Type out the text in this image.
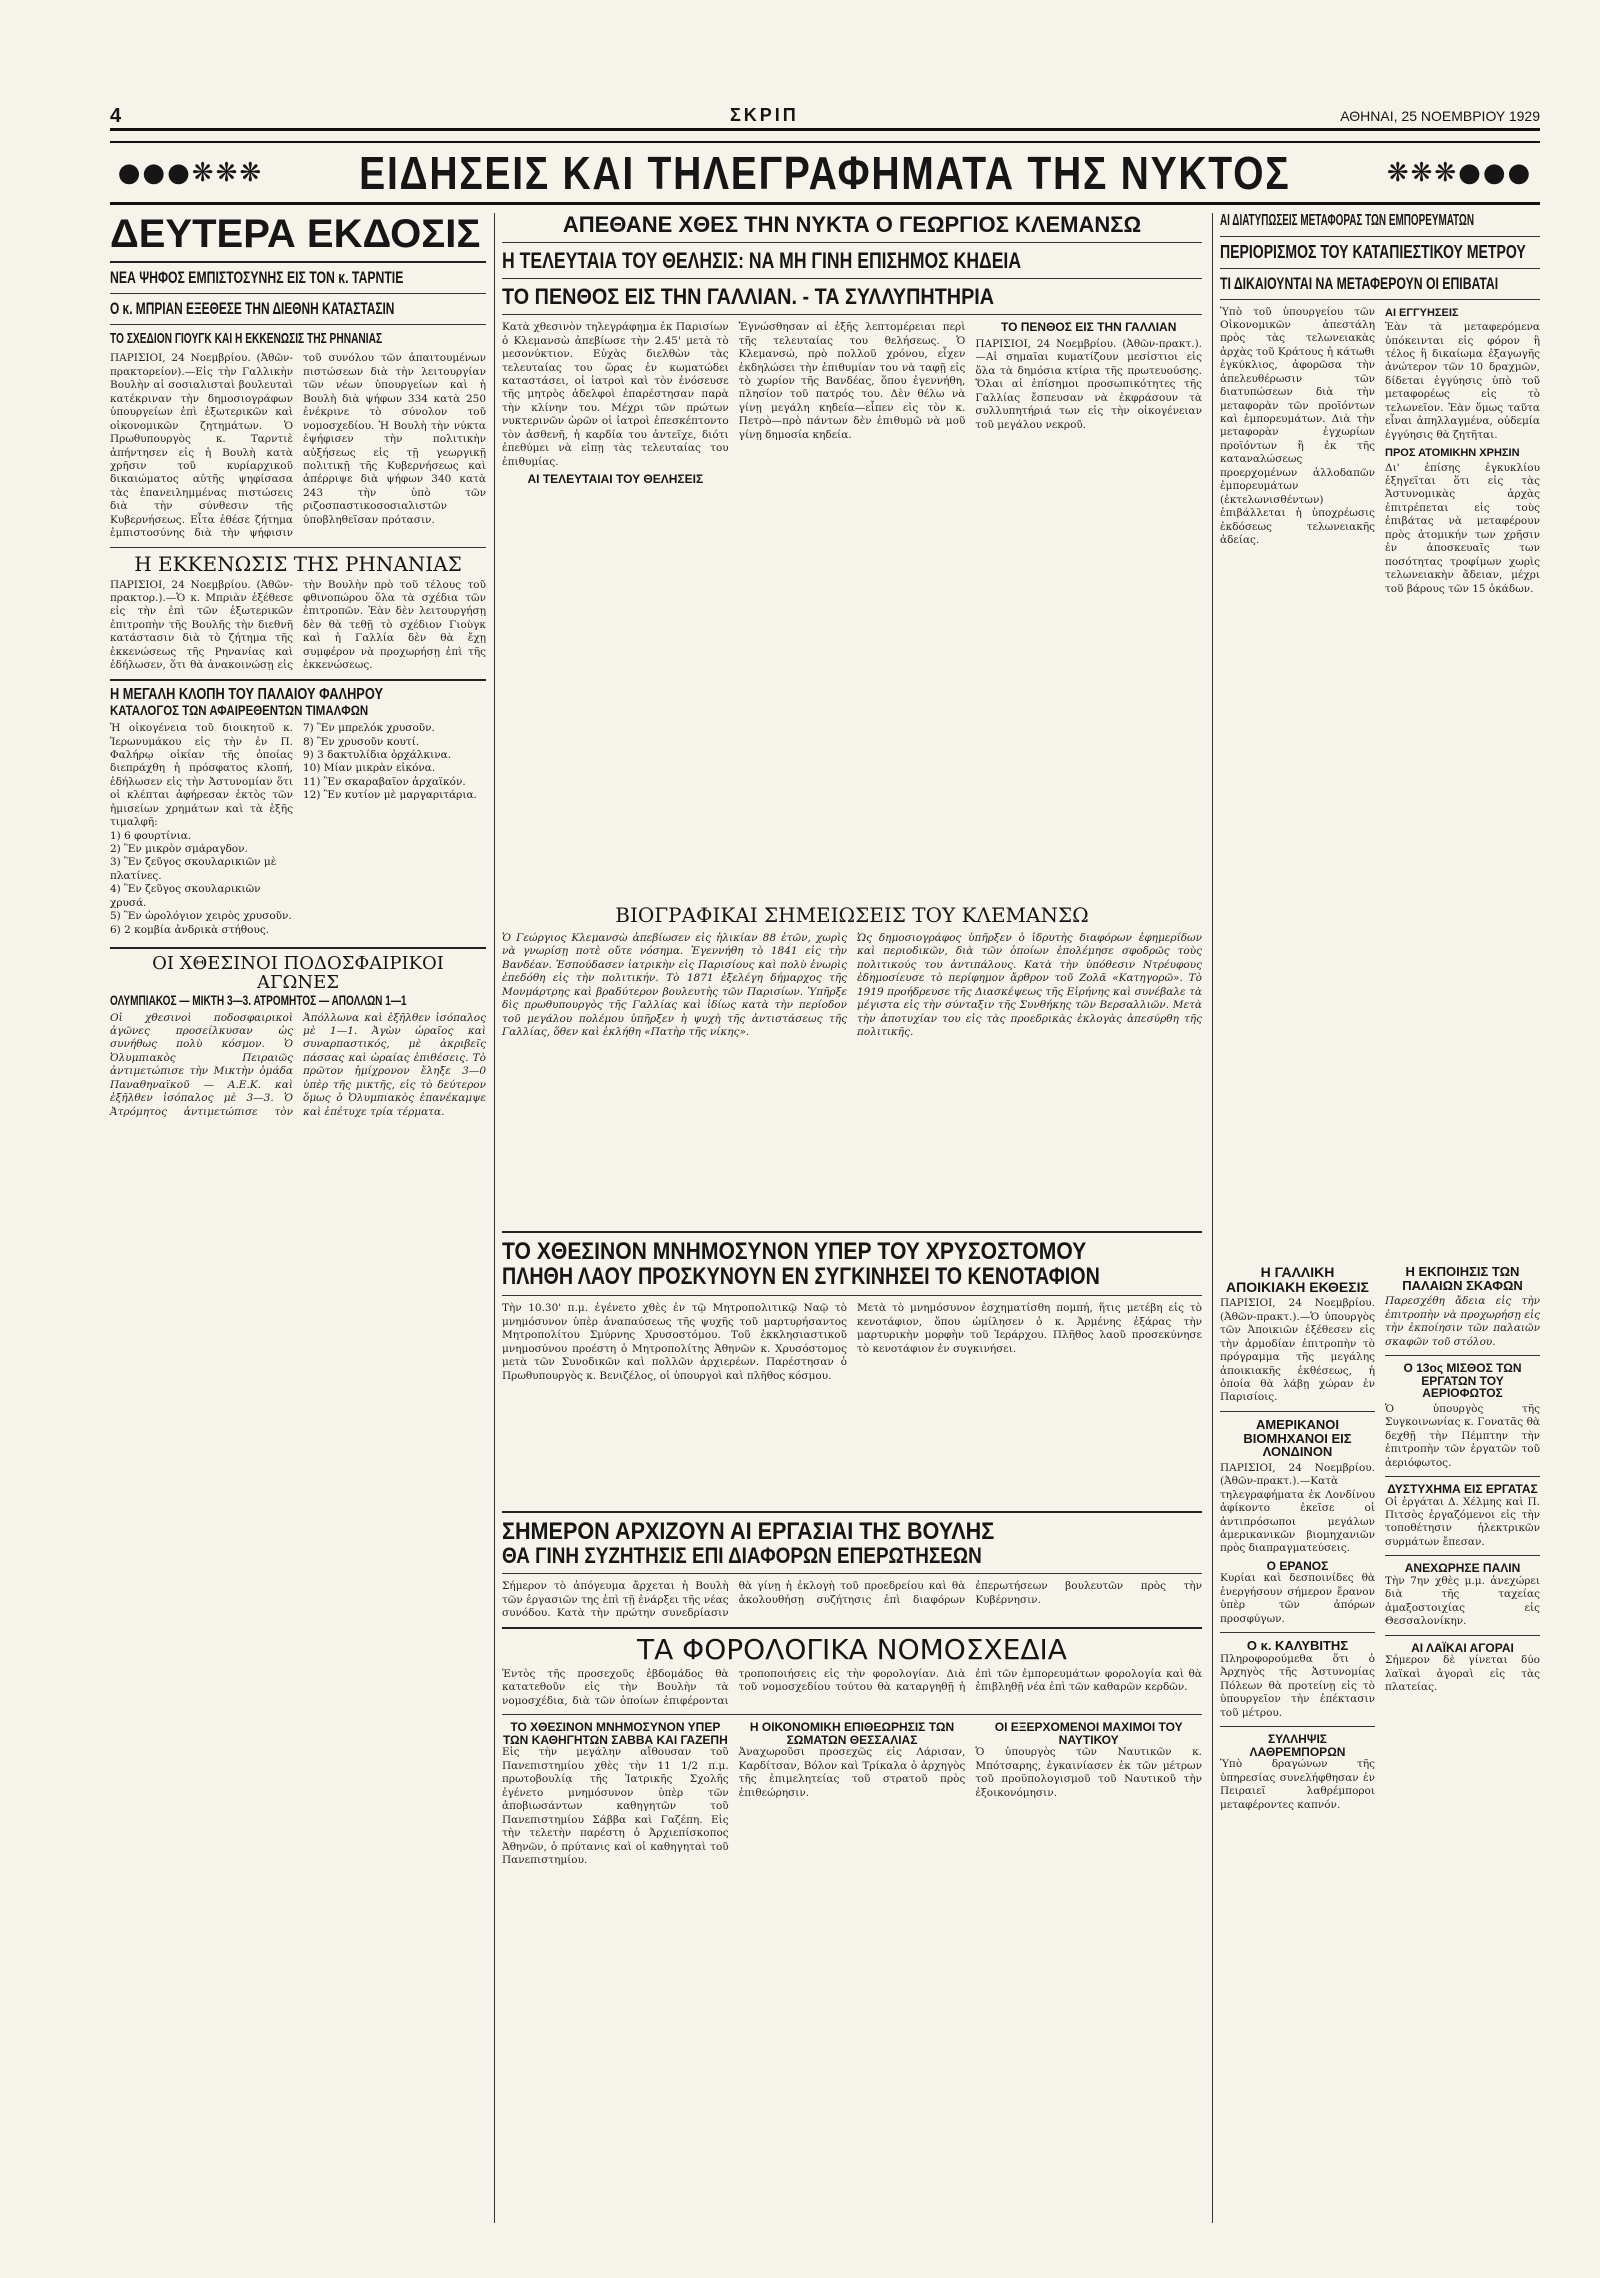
4	ΣΚΡΙΠ	ΑΘΗΝΑΙ, 25 ΝΟΕΜΒΡΙΟΥ 1929
●●●❋❋❋ ΕΙΔΗΣΕΙΣ ΚΑΙ ΤΗΛΕΓΡΑΦΗΜΑΤΑ ΤΗΣ ΝΥΚΤΟΣ	❋❋❋●●●
ΔΕΥΤΕΡΑ ΕΚΔΟΣΙΣ
ΝΕΑ ΨΗΦΟΣ ΕΜΠΙΣΤΟΣΥΝΗΣ ΕΙΣ ΤΟΝ κ. ΤΑΡΝΤΙΕ
Ο κ. ΜΠΡΙΑΝ ΕΞΕΘΕΣΕ ΤΗΝ ΔΙΕΘΝΗ ΚΑΤΑΣΤΑΣΙΝ
ΤΟ ΣΧΕΔΙΟΝ ΓΙΟΥΓΚ ΚΑΙ Η ΕΚΚΕΝΩΣΙΣ ΤΗΣ ΡΗΝΑΝΙΑΣ
ΠΑΡΙΣΙΟΙ, 24 Νοεμβρίου. (Ἀθῶν-πρακτορείον).—Εἰς τὴν Γαλλικὴν Βουλὴν αἱ σοσιαλισταὶ βουλευταὶ κατέκριναν τὴν δημοσιογράφων ὑπουργείων ἐπὶ ἐξωτερικῶν καὶ οἰκονομικῶν ζητημάτων. Ὁ Πρωθυπουργὸς κ. Ταρντιὲ ἀπήντησεν εἰς ἡ Βουλὴ κατὰ χρῆσιν τοῦ κυρίαρχικοῦ δικαιώματος αὐτῆς ψηφίσασα τὰς ἐπανειλημμένας πιστώσεις διὰ τὴν σύνθεσιν τῆς Κυβερνήσεως. Εἶτα ἐθέσε ζήτημα ἐμπιστοσύνης διὰ τὴν ψήφισιν τοῦ συνόλου τῶν ἀπαιτουμένων πιστώσεων διὰ τὴν λειτουργίαν τῶν νέων ὑπουργείων καὶ ἡ Βουλὴ διὰ ψήφων 334 κατὰ 250 ἐνέκρινε τὸ σύνολον τοῦ νομοσχεδίου. Ἡ Βουλὴ τὴν νύκτα ἐψήφισεν τὴν πολιτικὴν αὐξήσεως εἰς τῇ γεωργικῇ πολιτικῇ τῆς Κυβερνήσεως καὶ ἀπέρριψε διὰ ψήφων 340 κατὰ 243 τὴν ὑπὸ τῶν ριζοσπαστικοσοσιαλιστῶν ὑποβληθεῖσαν πρότασιν.
Η ΕΚΚΕΝΩΣΙΣ ΤΗΣ ΡΗΝΑΝΙΑΣ
ΠΑΡΙΣΙΟΙ, 24 Νοεμβρίου. (Ἀθῶν-πρακτορ.).—Ὁ κ. Μπριὰν ἐξέθεσε εἰς τὴν ἐπὶ τῶν ἐξωτερικῶν ἐπιτροπὴν τῆς Βουλῆς τὴν διεθνῆ κατάστασιν διὰ τὸ ζήτημα τῆς ἐκκενώσεως τῆς Ρηνανίας καὶ ἐδήλωσεν, ὅτι θὰ ἀνακοινώσῃ εἰς τὴν Βουλὴν πρὸ τοῦ τέλους τοῦ φθινοπώρου ὅλα τὰ σχέδια τῶν ἐπιτροπῶν. Ἐὰν δὲν λειτουργήσῃ δὲν θὰ τεθῇ τὸ σχέδιον Γιοὺγκ καὶ ἡ Γαλλία δὲν θὰ ἔχῃ συμφέρον νὰ προχωρήσῃ ἐπὶ τῆς ἐκκενώσεως.
Η ΜΕΓΑΛΗ ΚΛΟΠΗ ΤΟΥ ΠΑΛΑΙΟΥ ΦΑΛΗΡΟΥ
ΚΑΤΑΛΟΓΟΣ ΤΩΝ ΑΦΑΙΡΕΘΕΝΤΩΝ ΤΙΜΑΛΦΩΝ
Ἡ οἰκογένεια τοῦ διοικητοῦ κ. Ἱερωνυμάκου εἰς τὴν ἐν Π. Φαλήρῳ οἰκίαν τῆς ὁποίας διεπράχθη ἡ πρόσφατος κλοπή, ἐδήλωσεν εἰς τὴν Ἀστυνομίαν ὅτι οἱ κλέπται ἀφήρεσαν ἐκτὸς τῶν ἡμισείων χρημάτων καὶ τὰ ἑξῆς τιμαλφῆ:
1) 6 φουρτίνια.
2) Ἓν μικρὸν σμάραγδον.
3) Ἓν ζεῦγος σκουλαρικιῶν μὲ πλατίνες.
4) Ἓν ζεῦγος σκουλαρικιῶν χρυσά.
5) Ἓν ὡρολόγιον χειρὸς χρυσοῦν.
6) 2 κομβία ἀνδρικὰ στήθους.
7) Ἓν μπρελόκ χρυσοῦν.
8) Ἓν χρυσοῦν κουτί.
9) 3 δακτυλίδια ὁρχάλκινα.
10) Μίαν μικρὰν εἰκόνα.
11) Ἓν σκαραβαῖον ἀρχαϊκόν.
12) Ἓν κυτίον μὲ μαργαριτάρια.
ΟΙ ΧΘΕΣΙΝΟΙ ΠΟΔΟΣΦΑΙΡΙΚΟΙ ΑΓΩΝΕΣ
ΟΛΥΜΠΙΑΚΟΣ — ΜΙΚΤΗ 3—3. ΑΤΡΟΜΗΤΟΣ — ΑΠΟΛΛΩΝ 1—1
Οἱ χθεσινοὶ ποδοσφαιρικοὶ ἀγῶνες προσείλκυσαν ὡς συνήθως πολὺ κόσμον. Ὁ Ὀλυμπιακὸς Πειραιῶς ἀντιμετώπισε τὴν Μικτὴν ὁμάδα Παναθηναϊκοῦ — Α.Ε.Κ. καὶ ἐξῆλθεν ἰσόπαλος μὲ 3—3. Ὁ Ἀτρόμητος ἀντιμετώπισε τὸν Ἀπόλλωνα καὶ ἐξῆλθεν ἰσόπαλος μὲ 1—1. Ἀγὼν ὡραῖος καὶ συναρπαστικός, μὲ ἀκριβεῖς πάσσας καὶ ὡραίας ἐπιθέσεις. Τὸ πρῶτον ἡμίχρονον ἔληξε 3—0 ὑπὲρ τῆς μικτῆς, εἰς τὸ δεύτερον ὅμως ὁ Ὀλυμπιακὸς ἐπανέκαμψε καὶ ἐπέτυχε τρία τέρματα.
ΑΠΕΘΑΝΕ ΧΘΕΣ ΤΗΝ ΝΥΚΤΑ Ο ΓΕΩΡΓΙΟΣ ΚΛΕΜΑΝΣΩ
Η ΤΕΛΕΥΤΑΙΑ ΤΟΥ ΘΕΛΗΣΙΣ: ΝΑ ΜΗ ΓΙΝΗ ΕΠΙΣΗΜΟΣ ΚΗΔΕΙΑ
ΤΟ ΠΕΝΘΟΣ ΕΙΣ ΤΗΝ ΓΑΛΛΙΑΝ. - ΤΑ ΣΥΛΛΥΠΗΤΗΡΙΑ
Κατὰ χθεσινὸν τηλεγράφημα ἐκ Παρισίων ὁ Κλεμανσὼ ἀπεβίωσε τὴν 2.45' μετὰ τὸ μεσονύκτιον. Εὐχὰς διελθὼν τὰς τελευταίας του ὥρας ἐν κωματώδει καταστάσει, οἱ ἰατροὶ καὶ τὸν ἐνόσευσε τῆς μητρὸς ἀδελφοὶ ἐπαρέστησαν παρὰ τὴν κλίνην του. Μέχρι τῶν πρώτων νυκτερινῶν ὡρῶν οἱ ἰατροὶ ἐπεσκέπτοντο τὸν ἀσθενῆ, ἡ καρδία του ἀντεῖχε, διότι ἐπεθύμει νὰ εἰπῃ τὰς τελευταίας του ἐπιθυμίας.
ΑΙ ΤΕΛΕΥΤΑΙΑΙ ΤΟΥ ΘΕΛΗΣΕΙΣ
Ἐγνώσθησαν αἱ ἑξῆς λεπτομέρειαι περὶ τῆς τελευταίας του θελήσεως. Ὁ Κλεμανσώ, πρὸ πολλοῦ χρόνου, εἶχεν ἐκδηλώσει τὴν ἐπιθυμίαν του νὰ ταφῇ εἰς τὸ χωρίον τῆς Βανδέας, ὅπου ἐγεννήθη, πλησίον τοῦ πατρός του. Δὲν θέλω νὰ γίνῃ μεγάλη κηδεία—εἶπεν εἰς τὸν κ. Πετρὸ—πρὸ πάντων δὲν ἐπιθυμῶ νὰ μοῦ γίνῃ δημοσία κηδεία.
ΤΟ ΠΕΝΘΟΣ ΕΙΣ ΤΗΝ ΓΑΛΛΙΑΝ
ΠΑΡΙΣΙΟΙ, 24 Νοεμβρίου. (Ἀθῶν-πρακτ.).—Αἱ σημαῖαι κυματίζουν μεσίστιοι εἰς ὅλα τὰ δημόσια κτίρια τῆς πρωτευούσης. Ὅλαι αἱ ἐπίσημοι προσωπικότητες τῆς Γαλλίας ἔσπευσαν νὰ ἐκφράσουν τὰ συλλυπητήριά των εἰς τὴν οἰκογένειαν τοῦ μεγάλου νεκροῦ.
ΑΙ ΔΙΑΤΥΠΩΣΕΙΣ ΜΕΤΑΦΟΡΑΣ ΤΩΝ ΕΜΠΟΡΕΥΜΑΤΩΝ
ΠΕΡΙΟΡΙΣΜΟΣ ΤΟΥ ΚΑΤΑΠΙΕΣΤΙΚΟΥ ΜΕΤΡΟΥ
ΤΙ ΔΙΚΑΙΟΥΝΤΑΙ ΝΑ ΜΕΤΑΦΕΡΟΥΝ ΟΙ ΕΠΙΒΑΤΑΙ
Ὑπὸ τοῦ ὑπουργείου τῶν Οἰκονομικῶν ἀπεστάλη πρὸς τὰς τελωνειακὰς ἀρχὰς τοῦ Κράτους ἡ κάτωθι ἐγκύκλιος, ἀφορῶσα τὴν ἀπελευθέρωσιν τῶν διατυπώσεων διὰ τὴν μεταφορὰν τῶν προϊόντων καὶ ἐμπορευμάτων. Διὰ τὴν μεταφορὰν ἐγχωρίων προϊόντων ἢ ἐκ τῆς καταναλώσεως προερχομένων ἀλλοδαπῶν ἐμπορευμάτων (ἐκτελωνισθέντων) ἐπιβάλλεται ἡ ὑποχρέωσις ἐκδόσεως τελωνειακῆς ἀδείας.
ΑΙ ΕΓΓΥΗΣΕΙΣ
Ἐὰν τὰ μεταφερόμενα ὑπόκεινται εἰς φόρον ἢ τέλος ἢ δικαίωμα ἐξαγωγῆς ἀνώτερον τῶν 10 δραχμῶν, δίδεται ἐγγύησις ὑπὸ τοῦ μεταφορέως εἰς τὸ τελωνεῖον. Ἐὰν ὅμως ταῦτα εἶναι ἀπηλλαγμένα, οὐδεμία ἐγγύησις θὰ ζητῆται.
ΠΡΟΣ ΑΤΟΜΙΚΗΝ ΧΡΗΣΙΝ
Δι' ἐπίσης ἐγκυκλίου ἐξηγεῖται ὅτι εἰς τὰς Ἀστυνομικὰς ἀρχὰς ἐπιτρέπεται εἰς τοὺς ἐπιβάτας νὰ μεταφέρουν πρὸς ἀτομικήν των χρῆσιν ἐν ἀποσκευαῖς των ποσότητας τροφίμων χωρὶς τελωνειακὴν ἄδειαν, μέχρι τοῦ βάρους τῶν 15 ὀκάδων.
ΒΙΟΓΡΑΦΙΚΑΙ ΣΗΜΕΙΩΣΕΙΣ ΤΟΥ ΚΛΕΜΑΝΣΩ
Ὁ Γεώργιος Κλεμανσὼ ἀπεβίωσεν εἰς ἡλικίαν 88 ἐτῶν, χωρὶς νὰ γνωρίσῃ ποτὲ οὔτε νόσημα. Ἐγεννήθη τὸ 1841 εἰς τὴν Βανδέαν. Ἐσπούδασεν ἰατρικὴν εἰς Παρισίους καὶ πολὺ ἐνωρὶς ἐπεδόθη εἰς τὴν πολιτικήν. Τὸ 1871 ἐξελέγη δήμαρχος τῆς Μονμάρτρης καὶ βραδύτερον βουλευτὴς τῶν Παρισίων. Ὑπῆρξε δὶς πρωθυπουργὸς τῆς Γαλλίας καὶ ἰδίως κατὰ τὴν περίοδον τοῦ μεγάλου πολέμου ὑπῆρξεν ἡ ψυχὴ τῆς ἀντιστάσεως τῆς Γαλλίας, ὅθεν καὶ ἐκλήθη «Πατὴρ τῆς νίκης».
Ὡς δημοσιογράφος ὑπῆρξεν ὁ ἱδρυτὴς διαφόρων ἐφημερίδων καὶ περιοδικῶν, διὰ τῶν ὁποίων ἐπολέμησε σφοδρῶς τοὺς πολιτικούς του ἀντιπάλους. Κατὰ τὴν ὑπόθεσιν Ντρέυφους ἐδημοσίευσε τὸ περίφημον ἄρθρον τοῦ Ζολᾶ «Κατηγορῶ». Τὸ 1919 προήδρευσε τῆς Διασκέψεως τῆς Εἰρήνης καὶ συνέβαλε τὰ μέγιστα εἰς τὴν σύνταξιν τῆς Συνθήκης τῶν Βερσαλλιῶν. Μετὰ τὴν ἀποτυχίαν του εἰς τὰς προεδρικὰς ἐκλογὰς ἀπεσύρθη τῆς πολιτικῆς.
ΤΟ ΧΘΕΣΙΝΟΝ ΜΝΗΜΟΣΥΝΟΝ ΥΠΕΡ ΤΟΥ ΧΡΥΣΟΣΤΟΜΟΥ
ΠΛΗΘΗ ΛΑΟΥ ΠΡΟΣΚΥΝΟΥΝ ΕΝ ΣΥΓΚΙΝΗΣΕΙ ΤΟ ΚΕΝΟΤΑΦΙΟΝ
Τὴν 10.30' π.μ. ἐγένετο χθὲς ἐν τῷ Μητροπολιτικῷ Ναῷ τὸ μνημόσυνον ὑπὲρ ἀναπαύσεως τῆς ψυχῆς τοῦ μαρτυρήσαντος Μητροπολίτου Σμύρνης Χρυσοστόμου. Τοῦ ἐκκλησιαστικοῦ μνημοσύνου προέστη ὁ Μητροπολίτης Ἀθηνῶν κ. Χρυσόστομος μετὰ τῶν Συνοδικῶν καὶ πολλῶν ἀρχιερέων. Παρέστησαν ὁ Πρωθυπουργὸς κ. Βενιζέλος, οἱ ὑπουργοὶ καὶ πλῆθος κόσμου.
Μετὰ τὸ μνημόσυνον ἐσχηματίσθη πομπή, ἥτις μετέβη εἰς τὸ κενοτάφιον, ὅπου ὡμίλησεν ὁ κ. Ἀρμένης ἐξάρας τὴν μαρτυρικὴν μορφὴν τοῦ Ἱεράρχου. Πλῆθος λαοῦ προσεκύνησε τὸ κενοτάφιον ἐν συγκινήσει.
Η ΓΑΛΛΙΚΗ ΑΠΟΙΚΙΑΚΗ ΕΚΘΕΣΙΣ
ΠΑΡΙΣΙΟΙ, 24 Νοεμβρίου. (Ἀθῶν-πρακτ.).—Ὁ ὑπουργὸς τῶν Ἀποικιῶν ἐξέθεσεν εἰς τὴν ἀρμοδίαν ἐπιτροπὴν τὸ πρόγραμμα τῆς μεγάλης ἀποικιακῆς ἐκθέσεως, ἡ ὁποία θὰ λάβῃ χώραν ἐν Παρισίοις.
ΑΜΕΡΙΚΑΝΟΙ ΒΙΟΜΗΧΑΝΟΙ ΕΙΣ ΛΟΝΔΙΝΟΝ
ΠΑΡΙΣΙΟΙ, 24 Νοεμβρίου. (Ἀθῶν-πρακτ.).—Κατὰ τηλεγραφήματα ἐκ Λονδίνου ἀφίκοντο ἐκεῖσε οἱ ἀντιπρόσωποι μεγάλων ἀμερικανικῶν βιομηχανιῶν πρὸς διαπραγματεύσεις.
Ο ΕΡΑΝΟΣ
Κυρίαι καὶ δεσποινίδες θὰ ἐνεργήσουν σήμερον ἔρανον ὑπὲρ τῶν ἀπόρων προσφύγων.
Ο κ. ΚΑΛΥΒΙΤΗΣ
Πληροφορούμεθα ὅτι ὁ Ἀρχηγὸς τῆς Ἀστυνομίας Πόλεων θὰ προτείνῃ εἰς τὸ ὑπουργεῖον τὴν ἐπέκτασιν τοῦ μέτρου.
ΣΥΛΛΗΨΙΣ ΛΑΘΡΕΜΠΟΡΩΝ
Ὑπὸ δραγώνων τῆς ὑπηρεσίας συνελήφθησαν ἐν Πειραιεῖ λαθρέμποροι μεταφέροντες καπνόν.
Η ΕΚΠΟΙΗΣΙΣ ΤΩΝ ΠΑΛΑΙΩΝ ΣΚΑΦΩΝ
Παρεσχέθη ἄδεια εἰς τὴν ἐπιτροπὴν νὰ προχωρήσῃ εἰς τὴν ἐκποίησιν τῶν παλαιῶν σκαφῶν τοῦ στόλου.
Ο 13ος ΜΙΣΘΟΣ ΤΩΝ ΕΡΓΑΤΩΝ ΤΟΥ ΑΕΡΙΟΦΩΤΟΣ
Ὁ ὑπουργὸς τῆς Συγκοινωνίας κ. Γονατᾶς θὰ δεχθῇ τὴν Πέμπτην τὴν ἐπιτροπὴν τῶν ἐργατῶν τοῦ ἀεριόφωτος.
ΔΥΣΤΥΧΗΜΑ ΕΙΣ ΕΡΓΑΤΑΣ
Οἱ ἐργάται Δ. Χέλμης καὶ Π. Πιτσὸς ἐργαζόμενοι εἰς τὴν τοποθέτησιν ἠλεκτρικῶν συρμάτων ἔπεσαν.
ΑΝΕΧΩΡΗΣΕ ΠΑΛΙΝ
Τὴν 7ην χθὲς μ.μ. ἀνεχώρει διὰ τῆς ταχείας ἁμαξοστοιχίας εἰς Θεσσαλονίκην.
ΑΙ ΛΑΪΚΑΙ ΑΓΟΡΑΙ
Σήμερον δὲ γίνεται δύο λαϊκαὶ ἀγοραὶ εἰς τὰς πλατείας.
ΣΗΜΕΡΟΝ ΑΡΧΙΖΟΥΝ ΑΙ ΕΡΓΑΣΙΑΙ ΤΗΣ ΒΟΥΛΗΣ
ΘΑ ΓΙΝΗ ΣΥΖΗΤΗΣΙΣ ΕΠΙ ΔΙΑΦΟΡΩΝ ΕΠΕΡΩΤΗΣΕΩΝ
Σήμερον τὸ ἀπόγευμα ἄρχεται ἡ Βουλὴ τῶν ἐργασιῶν της ἐπὶ τῇ ἐνάρξει τῆς νέας συνόδου. Κατὰ τὴν πρώτην συνεδρίασιν θὰ γίνῃ ἡ ἐκλογὴ τοῦ προεδρείου καὶ θὰ ἀκολουθήσῃ συζήτησις ἐπὶ διαφόρων ἐπερωτήσεων βουλευτῶν πρὸς τὴν Κυβέρνησιν.
ΤΑ ΦΟΡΟΛΟΓΙΚΑ ΝΟΜΟΣΧΕΔΙΑ
Ἐντὸς τῆς προσεχοῦς ἑβδομάδος θὰ κατατεθοῦν εἰς τὴν Βουλὴν τὰ νομοσχέδια, διὰ τῶν ὁποίων ἐπιφέρονται τροποποιήσεις εἰς τὴν φορολογίαν. Διὰ τοῦ νομοσχεδίου τούτου θὰ καταργηθῇ ἡ ἐπὶ τῶν ἐμπορευμάτων φορολογία καὶ θὰ ἐπιβληθῇ νέα ἐπὶ τῶν καθαρῶν κερδῶν.
ΤΟ ΧΘΕΣΙΝΟΝ ΜΝΗΜΟΣΥΝΟΝ ΥΠΕΡ ΤΩΝ ΚΑΘΗΓΗΤΩΝ ΣΑΒΒΑ ΚΑΙ ΓΑΖΕΠΗ
Εἰς τὴν μεγάλην αἴθουσαν τοῦ Πανεπιστημίου χθὲς τὴν 11 1/2 π.μ. πρωτοβουλίᾳ τῆς Ἰατρικῆς Σχολῆς ἐγένετο μνημόσυνον ὑπὲρ τῶν ἀποβιωσάντων καθηγητῶν τοῦ Πανεπιστημίου Σάββα καὶ Γαζέπη. Εἰς τὴν τελετὴν παρέστη ὁ Ἀρχιεπίσκοπος Ἀθηνῶν, ὁ πρύτανις καὶ οἱ καθηγηταὶ τοῦ Πανεπιστημίου.
Η ΟΙΚΟΝΟΜΙΚΗ ΕΠΙΘΕΩΡΗΣΙΣ ΤΩΝ ΣΩΜΑΤΩΝ ΘΕΣΣΑΛΙΑΣ
Ἀναχωροῦσι προσεχῶς εἰς Λάρισαν, Καρδίτσαν, Βόλον καὶ Τρίκαλα ὁ ἀρχηγὸς τῆς ἐπιμελητείας τοῦ στρατοῦ πρὸς ἐπιθεώρησιν.
ΟΙ ΕΞΕΡΧΟΜΕΝΟΙ ΜΑΧΙΜΟΙ ΤΟΥ ΝΑΥΤΙΚΟΥ
Ὁ ὑπουργὸς τῶν Ναυτικῶν κ. Μπότσαρης, ἐγκαινίασεν ἐκ τῶν μέτρων τοῦ προϋπολογισμοῦ τοῦ Ναυτικοῦ τὴν ἐξοικονόμησιν.
